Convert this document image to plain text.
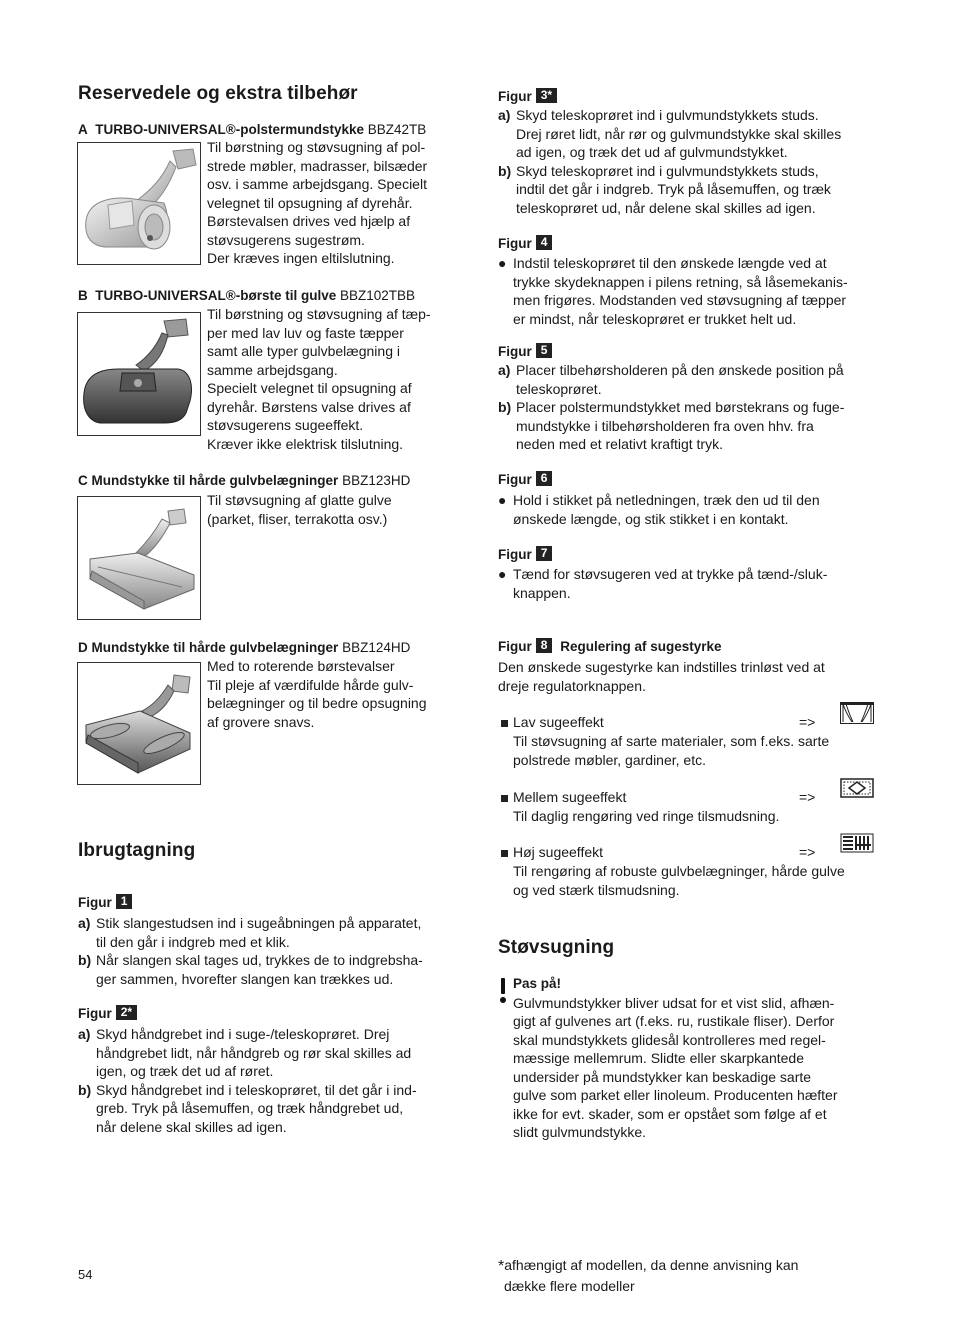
Reservedele og ekstra tilbehør
A TURBO-UNIVERSAL®-polstermundstykke BBZ42TB
Til børstning og støvsugning af pol-
strede møbler, madrasser, bilsæder
osv. i samme arbejdsgang. Specielt
velegnet til opsugning af dyrehår.
Børstevalsen drives ved hjælp af
støvsugerens sugestrøm.
Der kræves ingen eltilslutning.
B TURBO-UNIVERSAL®-børste til gulve BBZ102TBB
Til børstning og støvsugning af tæp-
per med lav luv og faste tæpper
samt alle typer gulvbelægning i
samme arbejdsgang.
Specielt velegnet til opsugning af
dyrehår. Børstens valse drives af
støvsugerens sugeeffekt.
Kræver ikke elektrisk tilslutning.
C Mundstykke til hårde gulvbelægninger BBZ123HD
Til støvsugning af glatte gulve
(parket, fliser, terrakotta osv.)
D Mundstykke til hårde gulvbelægninger BBZ124HD
Med to roterende børstevalser
Til pleje af værdifulde hårde gulv-
belægninger og til bedre opsugning
af grovere snavs.
Ibrugtagning
Figur 1
a) Stik slangestudsen ind i sugeåbningen på apparatet,
til den går i indgreb med et klik.
b) Når slangen skal tages ud, trykkes de to indgrebsha-
ger sammen, hvorefter slangen kan trækkes ud.
Figur 2*
a) Skyd håndgrebet ind i suge-/teleskoprøret. Drej
håndgrebet lidt, når håndgreb og rør skal skilles ad
igen, og træk det ud af røret.
b) Skyd håndgrebet ind i teleskoprøret, til det går i ind-
greb. Tryk på låsemuffen, og træk håndgrebet ud,
når delene skal skilles ad igen.
54
Figur 3*
a) Skyd teleskoprøret ind i gulvmundstykkets studs.
Drej røret lidt, når rør og gulvmundstykke skal skilles
ad igen, og træk det ud af gulvmundstykket.
b) Skyd teleskoprøret ind i gulvmundstykkets studs,
indtil det går i indgreb. Tryk på låsemuffen, og træk
teleskoprøret ud, når delene skal skilles ad igen.
Figur 4
● Indstil teleskoprøret til den ønskede længde ved at
trykke skydeknappen i pilens retning, så låsemekanis-
men frigøres. Modstanden ved støvsugning af tæpper
er mindst, når teleskoprøret er trukket helt ud.
Figur 5
a) Placer tilbehørsholderen på den ønskede position på
teleskoprøret.
b) Placer polstermundstykket med børstekrans og fuge-
mundstykke i tilbehørsholderen fra oven hhv. fra
neden med et relativt kraftigt tryk.
Figur 6
● Hold i stikket på netledningen, træk den ud til den
ønskede længde, og stik stikket i en kontakt.
Figur 7
● Tænd for støvsugeren ved at trykke på tænd-/sluk-
knappen.
Figur 8 Regulering af sugestyrke
Den ønskede sugestyrke kan indstilles trinløst ved at
dreje regulatorknappen.
Lav sugeeffekt	=>
Til støvsugning af sarte materialer, som f.eks. sarte
polstrede møbler, gardiner, etc.
Mellem sugeeffekt	=>
Til daglig rengøring ved ringe tilsmudsning.
Høj sugeeffekt	=>
Til rengøring af robuste gulvbelægninger, hårde gulve
og ved stærk tilsmudsning.
Støvsugning
Pas på!
Gulvmundstykker bliver udsat for et vist slid, afhæn-
gigt af gulvenes art (f.eks. ru, rustikale fliser). Derfor
skal mundstykkets glidesål kontrolleres med regel-
mæssige mellemrum. Slidte eller skarpkantede
undersider på mundstykker kan beskadige sarte
gulve som parket eller linoleum. Producenten hæfter
ikke for evt. skader, som er opstået som følge af et
slidt gulvmundstykke.
*afhængigt af modellen, da denne anvisning kan
dække flere modeller
